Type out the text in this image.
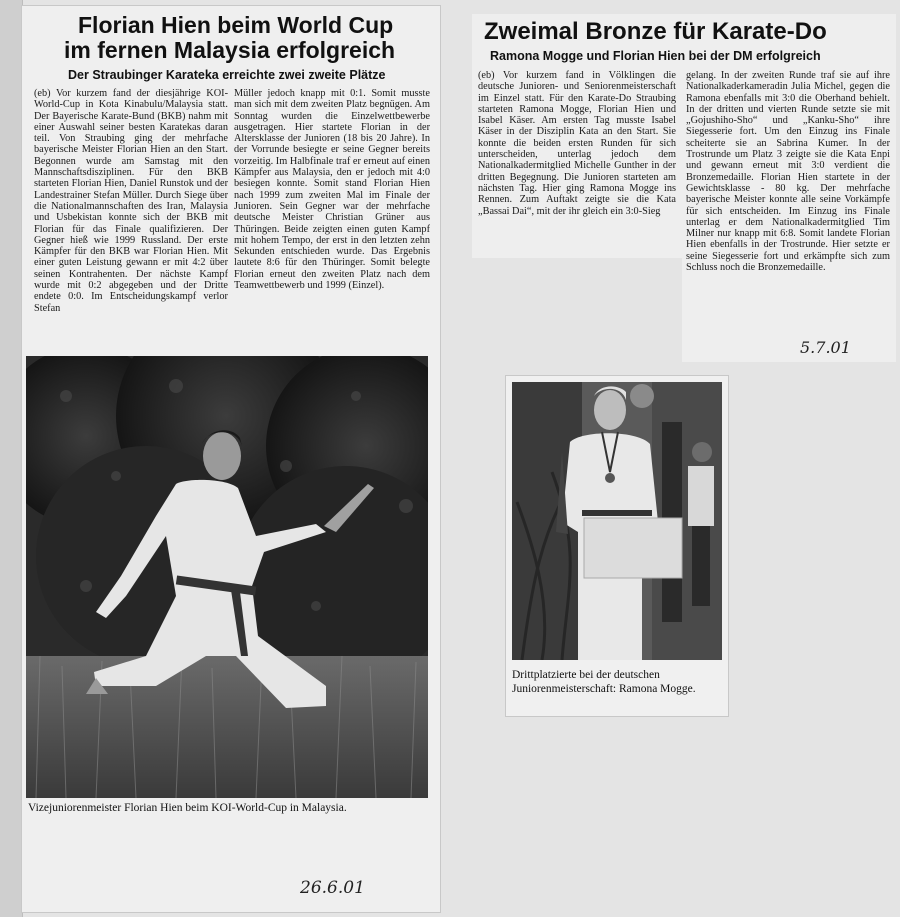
Florian Hien beim World Cup
im fernen Malaysia erfolgreich

Der Straubinger Karateka erreichte zwei zweite Plätze

(eb) Vor kurzem fand der diesjährige KOI-World-Cup in Kota Kinabulu/Malaysia statt. Der Bayerische Karate-Bund (BKB) nahm mit einer Auswahl seiner besten Karatekas daran teil. Von Straubing ging der mehrfache bayerische Meister Florian Hien an den Start. Begonnen wurde am Samstag mit den Mannschaftsdisziplinen. Für den BKB starteten Florian Hien, Daniel Runstok und der Landestrainer Stefan Müller. Durch Siege über die Nationalmannschaften des Iran, Malaysia und Usbekistan konnte sich der BKB mit Florian für das Finale qualifizieren. Der Gegner hieß wie 1999 Russland. Der erste Kämpfer für den BKB war Florian Hien. Mit einer guten Leistung gewann er mit 4:2 über seinen Kontrahenten. Der nächste Kampf wurde mit 0:2 abgegeben und der Dritte endete 0:0. Im Entscheidungskampf verlor Stefan

Müller jedoch knapp mit 0:1. Somit musste man sich mit dem zweiten Platz begnügen. Am Sonntag wurden die Einzelwettbewerbe ausgetragen. Hier startete Florian in der Altersklasse der Junioren (18 bis 20 Jahre). In der Vorrunde besiegte er seine Gegner bereits vorzeitig. Im Halbfinale traf er erneut auf einen Kämpfer aus Malaysia, den er jedoch mit 4:0 besiegen konnte. Somit stand Florian Hien nach 1999 zum zweiten Mal im Finale der Junioren. Sein Gegner war der mehrfache deutsche Meister Christian Grüner aus Thüringen. Beide zeigten einen guten Kampf mit hohem Tempo, der erst in den letzten zehn Sekunden entschieden wurde. Das Ergebnis lautete 8:6 für den Thüringer. Somit belegte Florian erneut den zweiten Platz nach dem Teamwettbewerb und 1999 (Einzel).

Vizejuniorenmeister Florian Hien beim KOI-World-Cup in Malaysia.

26.6.01
Zweimal Bronze für Karate-Do

Ramona Mogge und Florian Hien bei der DM erfolgreich

(eb) Vor kurzem fand in Völklingen die deutsche Junioren- und Seniorenmeisterschaft im Einzel statt. Für den Karate-Do Straubing starteten Ramona Mogge, Florian Hien und Isabel Käser. Am ersten Tag musste Isabel Käser in der Disziplin Kata an den Start. Sie konnte die beiden ersten Runden für sich unterscheiden, unterlag jedoch dem Nationalkadermitglied Michelle Gunther in der dritten Begegnung. Die Junioren starteten am nächsten Tag. Hier ging Ramona Mogge ins Rennen. Zum Auftakt zeigte sie die Kata „Bassai Dai“, mit der ihr gleich ein 3:0-Sieg

gelang. In der zweiten Runde traf sie auf ihre Nationalkaderkameradin Julia Michel, gegen die Ramona ebenfalls mit 3:0 die Oberhand behielt. In der dritten und vierten Runde setzte sie mit „Gojushiho-Sho“ und „Kanku-Sho“ ihre Siegesserie fort. Um den Einzug ins Finale scheiterte sie an Sabrina Kumer. In der Trostrunde um Platz 3 zeigte sie die Kata Enpi und gewann erneut mit 3:0 verdient die Bronzemedaille. Florian Hien startete in der Gewichtsklasse - 80 kg. Der mehrfache bayerische Meister konnte alle seine Vorkämpfe für sich entscheiden. Im Einzug ins Finale unterlag er dem Nationalkadermitglied Tim Milner nur knapp mit 6:8. Somit landete Florian Hien ebenfalls in der Trostrunde. Hier setzte er seine Siegesserie fort und erkämpfte sich zum Schluss noch die Bronzemedaille.

5.7.01

Drittplatzierte bei der deutschen Juniorenmeisterschaft: Ramona Mogge.
